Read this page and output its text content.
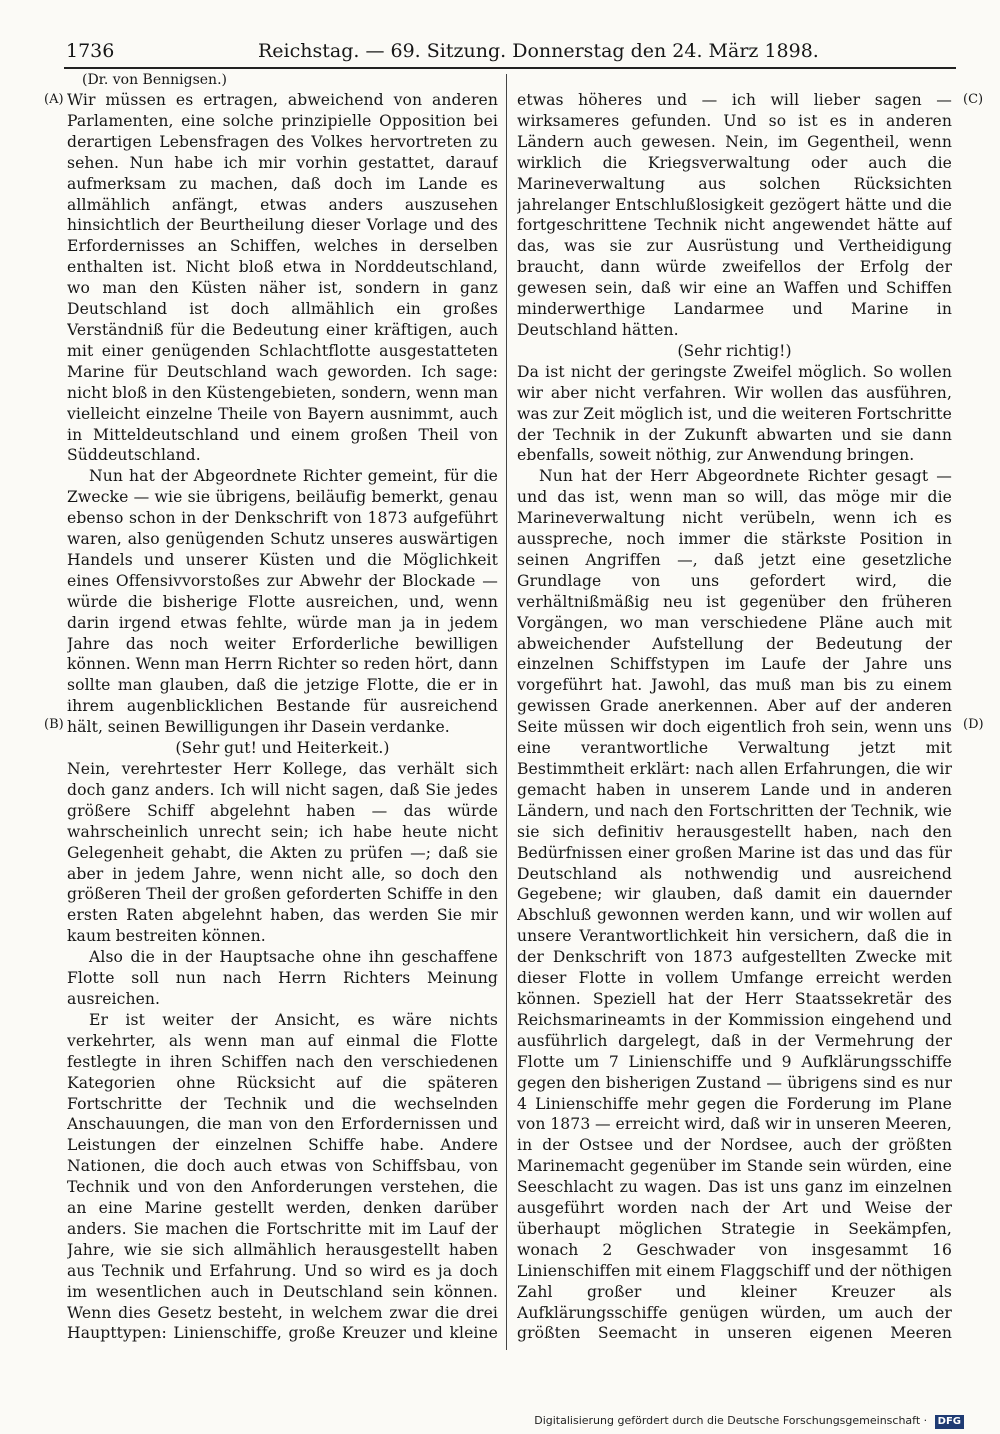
1736	Reichstag. — 69. Sitzung. Donnerstag den 24. März 1898.
(Dr. von Bennigsen.)
(A)
(B)
(C)
(D)

Wir müssen es ertragen, abweichend von anderen Parlamenten, eine solche prinzipielle Opposition bei derartigen Lebensfragen des Volkes hervortreten zu sehen. Nun habe ich mir vorhin gestattet, darauf aufmerksam zu machen, daß doch im Lande es allmählich anfängt, etwas anders auszusehen hinsichtlich der Beurtheilung dieser Vorlage und des Erfordernisses an Schiffen, welches in derselben enthalten ist. Nicht bloß etwa in Norddeutschland, wo man den Küsten näher ist, sondern in ganz Deutschland ist doch allmählich ein großes Verständniß für die Bedeutung einer kräftigen, auch mit einer genügenden Schlachtflotte ausgestatteten Marine für Deutschland wach geworden. Ich sage: nicht bloß in den Küstengebieten, sondern, wenn man vielleicht einzelne Theile von Bayern ausnimmt, auch in Mitteldeutschland und einem großen Theil von Süddeutschland.

Nun hat der Abgeordnete Richter gemeint, für die Zwecke — wie sie übrigens, beiläufig bemerkt, genau ebenso schon in der Denkschrift von 1873 aufgeführt waren, also genügenden Schutz unseres auswärtigen Handels und unserer Küsten und die Möglichkeit eines Offensivvorstoßes zur Abwehr der Blockade — würde die bisherige Flotte ausreichen, und, wenn darin irgend etwas fehlte, würde man ja in jedem Jahre das noch weiter Erforderliche bewilligen können. Wenn man Herrn Richter so reden hört, dann sollte man glauben, daß die jetzige Flotte, die er in ihrem augenblicklichen Bestande für ausreichend hält, seinen Bewilligungen ihr Dasein verdanke.

(Sehr gut! und Heiterkeit.)

Nein, verehrtester Herr Kollege, das verhält sich doch ganz anders. Ich will nicht sagen, daß Sie jedes größere Schiff abgelehnt haben — das würde wahrscheinlich unrecht sein; ich habe heute nicht Gelegenheit gehabt, die Akten zu prüfen —; daß sie aber in jedem Jahre, wenn nicht alle, so doch den größeren Theil der großen geforderten Schiffe in den ersten Raten abgelehnt haben, das werden Sie mir kaum bestreiten können.

Also die in der Hauptsache ohne ihn geschaffene Flotte soll nun nach Herrn Richters Meinung ausreichen.

Er ist weiter der Ansicht, es wäre nichts verkehrter, als wenn man auf einmal die Flotte festlegte in ihren Schiffen nach den verschiedenen Kategorien ohne Rücksicht auf die späteren Fortschritte der Technik und die wechselnden Anschauungen, die man von den Erfordernissen und Leistungen der einzelnen Schiffe habe. Andere Nationen, die doch auch etwas von Schiffsbau, von Technik und von den Anforderungen verstehen, die an eine Marine gestellt werden, denken darüber anders. Sie machen die Fortschritte mit im Lauf der Jahre, wie sie sich allmählich herausgestellt haben aus Technik und Erfahrung. Und so wird es ja doch im wesentlichen auch in Deutschland sein können. Wenn dies Gesetz besteht, in welchem zwar die drei Haupttypen: Linienschiffe, große Kreuzer und kleine

etwas höheres und — ich will lieber sagen — wirksameres gefunden. Und so ist es in anderen Ländern auch gewesen. Nein, im Gegentheil, wenn wirklich die Kriegsverwaltung oder auch die Marineverwaltung aus solchen Rücksichten jahrelanger Entschlußlosigkeit gezögert hätte und die fortgeschrittene Technik nicht angewendet hätte auf das, was sie zur Ausrüstung und Vertheidigung braucht, dann würde zweifellos der Erfolg der gewesen sein, daß wir eine an Waffen und Schiffen minderwerthige Landarmee und Marine in Deutschland hätten.

(Sehr richtig!)

Da ist nicht der geringste Zweifel möglich. So wollen wir aber nicht verfahren. Wir wollen das ausführen, was zur Zeit möglich ist, und die weiteren Fortschritte der Technik in der Zukunft abwarten und sie dann ebenfalls, soweit nöthig, zur Anwendung bringen.

Nun hat der Herr Abgeordnete Richter gesagt — und das ist, wenn man so will, das möge mir die Marineverwaltung nicht verübeln, wenn ich es ausspreche, noch immer die stärkste Position in seinen Angriffen —, daß jetzt eine gesetzliche Grundlage von uns gefordert wird, die verhältnißmäßig neu ist gegenüber den früheren Vorgängen, wo man verschiedene Pläne auch mit abweichender Aufstellung der Bedeutung der einzelnen Schiffstypen im Laufe der Jahre uns vorgeführt hat. Jawohl, das muß man bis zu einem gewissen Grade anerkennen. Aber auf der anderen Seite müssen wir doch eigentlich froh sein, wenn uns eine verantwortliche Verwaltung jetzt mit Bestimmtheit erklärt: nach allen Erfahrungen, die wir gemacht haben in unserem Lande und in anderen Ländern, und nach den Fortschritten der Technik, wie sie sich definitiv herausgestellt haben, nach den Bedürfnissen einer großen Marine ist das und das für Deutschland als nothwendig und ausreichend Gegebene; wir glauben, daß damit ein dauernder Abschluß gewonnen werden kann, und wir wollen auf unsere Verantwortlichkeit hin versichern, daß die in der Denkschrift von 1873 aufgestellten Zwecke mit dieser Flotte in vollem Umfange erreicht werden können. Speziell hat der Herr Staatssekretär des Reichsmarineamts in der Kommission eingehend und ausführlich dargelegt, daß in der Vermehrung der Flotte um 7 Linienschiffe und 9 Aufklärungsschiffe gegen den bisherigen Zustand — übrigens sind es nur 4 Linienschiffe mehr gegen die Forderung im Plane von 1873 — erreicht wird, daß wir in unseren Meeren, in der Ostsee und der Nordsee, auch der größten Marinemacht gegenüber im Stande sein würden, eine Seeschlacht zu wagen. Das ist uns ganz im einzelnen ausgeführt worden nach der Art und Weise der überhaupt möglichen Strategie in Seekämpfen, wonach 2 Geschwader von insgesammt 16 Linienschiffen mit einem Flaggschiff und der nöthigen Zahl großer und kleiner Kreuzer als Aufklärungsschiffe genügen würden, um auch der größten Seemacht in unseren eigenen Meeren

Digitalisierung gefördert durch die Deutsche Forschungsgemeinschaft · DFG
